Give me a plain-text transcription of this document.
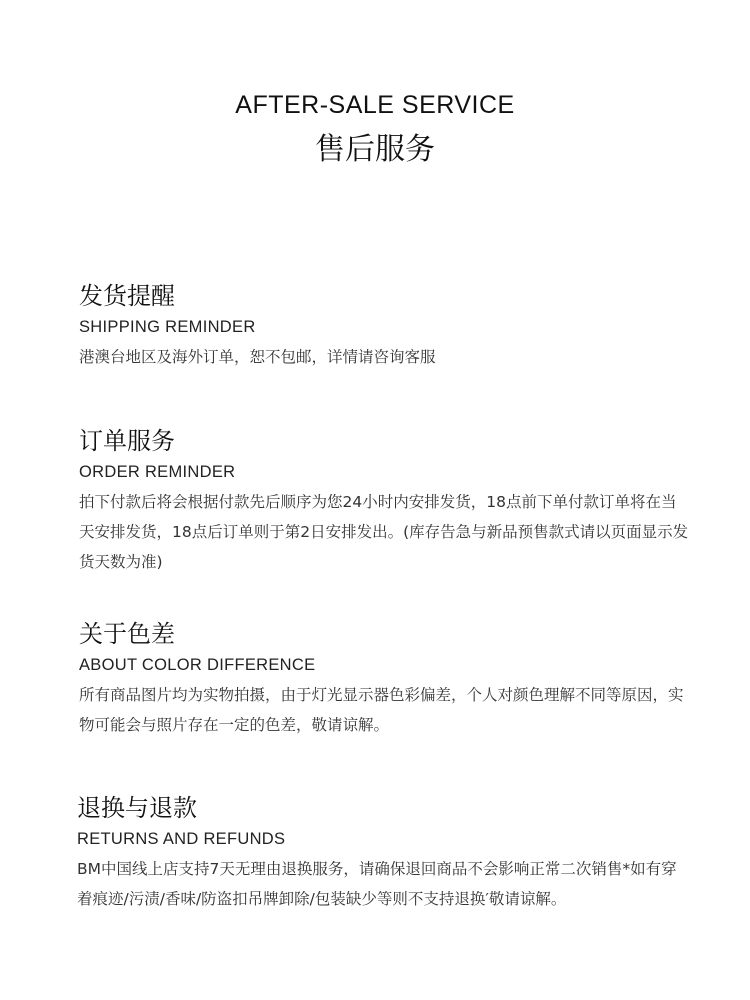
AFTER-SALE SERVICE
售后服务
发货提醒
SHIPPING REMINDER
港澳台地区及海外订单，恕不包邮，详情请咨询客服
订单服务
ORDER REMINDER
拍下付款后将会根据付款先后顺序为您24小时内安排发货，18点前下单付款订单将在当天安排发货，18点后订单则于第2日安排发出。(库存告急与新品预售款式请以页面显示发货天数为准)
关于色差
ABOUT COLOR DIFFERENCE
所有商品图片均为实物拍摄，由于灯光显示器色彩偏差，个人对颜色理解不同等原因，实物可能会与照片存在一定的色差，敬请谅解。
退换与退款
RETURNS AND REFUNDS
BM中国线上店支持7天无理由退换服务，请确保退回商品不会影响正常二次销售*如有穿着痕迹/污渍/香味/防盗扣吊牌卸除/包装缺少等则不支持退换′敬请谅解。
